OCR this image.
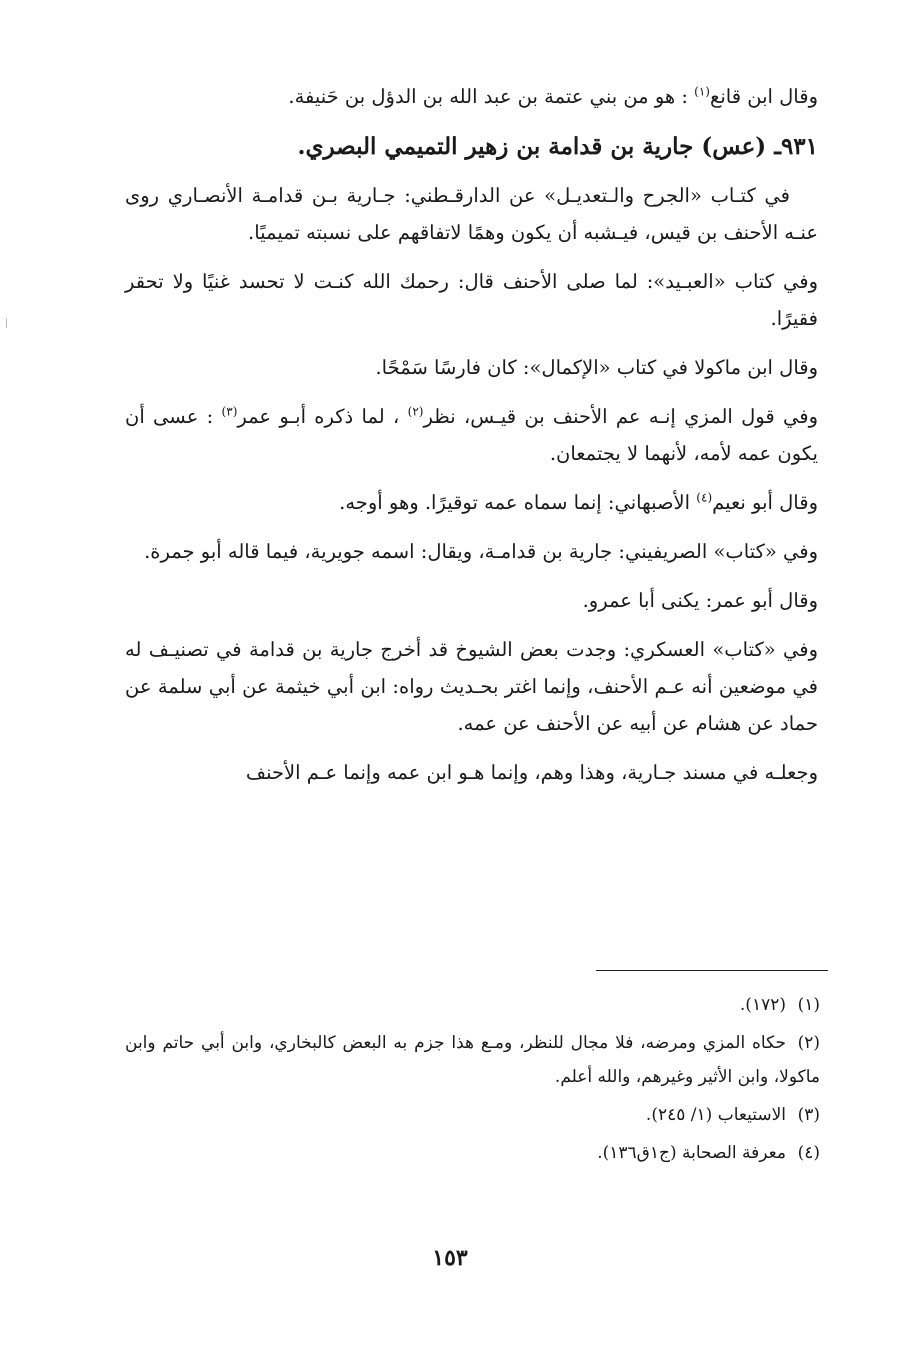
وقال ابن قانع$^{(١)}$ : هو من بني عتمة بن عبد الله بن الدؤل بن حَنيفة.

٩٣١ـ (عس) جارية بن قدامة بن زهير التميمي البصري.

في كتـاب «الجرح والـتعديـل» عن الدارقـطني: جـارية بـن قدامـة الأنصـاري روى عنـه الأحنف بن قيس، فيـشبه أن يكون وهمًا لاتفاقهم على نسبته تميميًا.

وفي كتاب «العبـيد»: لما صلى الأحنف قال: رحمك الله كنـت لا تحسد غنيًا ولا تحقر فقيرًا.

وقال ابن ماكولا في كتاب «الإكمال»: كان فارسًا سَمْحًا.

وفي قول المزي إنـه عم الأحنف بن قيـس، نظر$^{(٢)}$ ، لما ذكره أبـو عمر$^{(٣)}$ : عسى أن يكون عمه لأمه، لأنهما لا يجتمعان.

وقال أبو نعيم$^{(٤)}$ الأصبهاني: إنما سماه عمه توقيرًا. وهو أوجه.

وفي «كتاب» الصريفيني: جارية بن قدامـة، ويقال: اسمه جويرية، فيما قاله أبو جمرة.

وقال أبو عمر: يكنى أبا عمرو.

وفي «كتاب» العسكري: وجدت بعض الشيوخ قد أخرج جارية بن قدامة في تصنيـف له في موضعين أنه عـم الأحنف، وإنما اغتر بحـديث رواه: ابن أبي خيثمة عن أبي سلمة عن حماد عن هشام عن أبيه عن الأحنف عن عمه.

وجعلـه في مسند جـارية، وهذا وهم، وإنما هـو ابن عمه وإنما عـم الأحنف

(١)(١٧٢).
(٢)حكاه المزي ومرضه، فلا مجال للنظر، ومـع هذا جزم به البعض كالبخاري، وابن أبي حاتم وابن ماكولا، وابن الأثير وغيرهم، والله أعلم.
(٣)الاستيعاب (١/ ٢٤٥).
(٤)معرفة الصحابة (ج١ق١٣٦).
١٥٣
